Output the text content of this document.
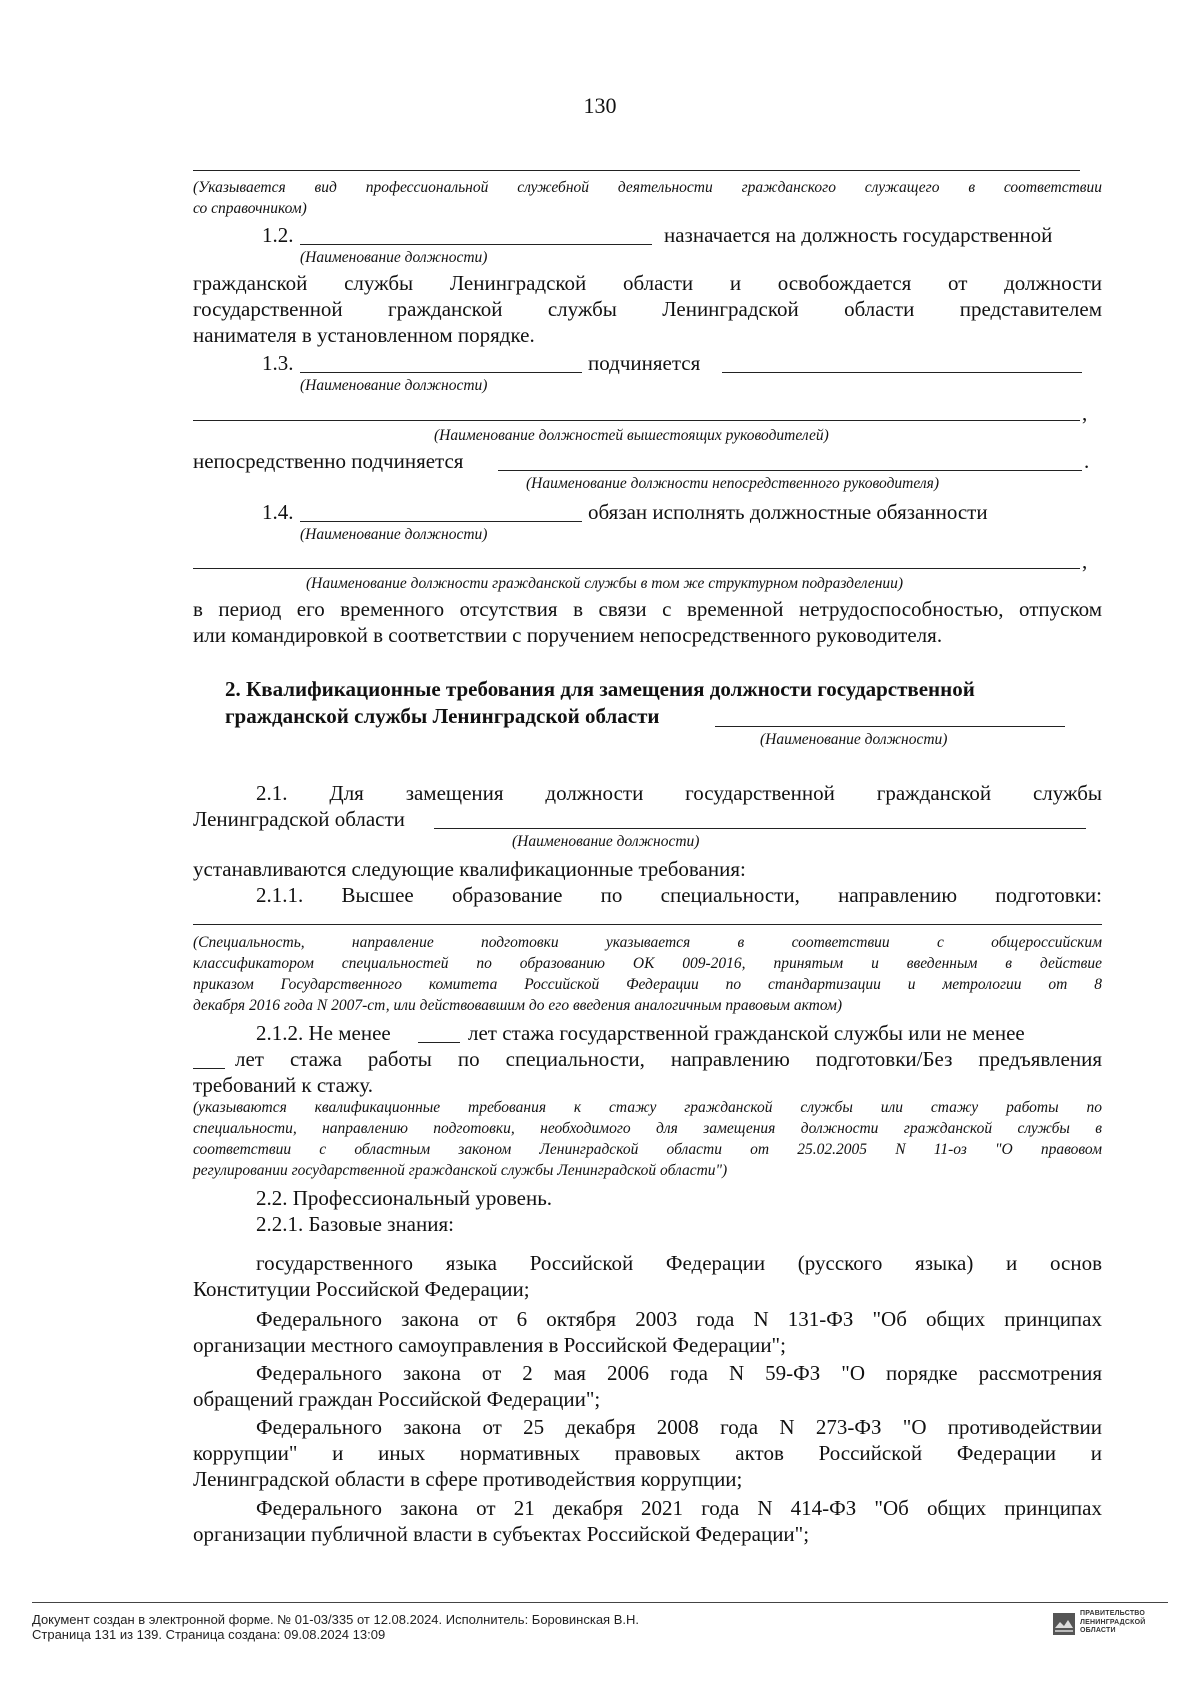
130
(Указывается вид профессиональной служебной деятельности гражданского служащего в соответствии
со справочником)
1.2.	назначается на должность государственной
(Наименование должности)
гражданской службы Ленинградской области и освобождается от должности
государственной гражданской службы Ленинградской области представителем
нанимателя в установленном порядке.
1.3.	подчиняется
(Наименование должности)
,
(Наименование должностей вышестоящих руководителей)
непосредственно подчиняется	.
(Наименование должности непосредственного руководителя)
1.4.	обязан исполнять должностные обязанности
(Наименование должности)
,
(Наименование должности гражданской службы в том же структурном подразделении)
в период его временного отсутствия в связи с временной нетрудоспособностью, отпуском
или командировкой в соответствии с поручением непосредственного руководителя.
2. Квалификационные требования для замещения должности государственной
гражданской службы Ленинградской области
(Наименование должности)
2.1. Для замещения должности государственной гражданской службы
Ленинградской области
(Наименование должности)
устанавливаются следующие квалификационные требования:
2.1.1. Высшее образование по специальности, направлению подготовки:
(Специальность, направление подготовки указывается в соответствии с общероссийским
классификатором специальностей по образованию ОК 009-2016, принятым и введенным в действие
приказом Государственного комитета Российской Федерации по стандартизации и метрологии от 8
декабря 2016 года N 2007-ст, или действовавшим до его введения аналогичным правовым актом)
2.1.2. Не менее	лет стажа государственной гражданской службы или не менее
лет стажа работы по специальности, направлению подготовки/Без предъявления
требований к стажу.
(указываются квалификационные требования к стажу гражданской службы или стажу работы по
специальности, направлению подготовки, необходимого для замещения должности гражданской службы в
соответствии с областным законом Ленинградской области от 25.02.2005 N 11-оз "О правовом
регулировании государственной гражданской службы Ленинградской области")
2.2. Профессиональный уровень.
2.2.1. Базовые знания:
государственного языка Российской Федерации (русского языка) и основ
Конституции Российской Федерации;
Федерального закона от 6 октября 2003 года N 131-ФЗ "Об общих принципах
организации местного самоуправления в Российской Федерации";
Федерального закона от 2 мая 2006 года N 59-ФЗ "О порядке рассмотрения
обращений граждан Российской Федерации";
Федерального закона от 25 декабря 2008 года N 273-ФЗ "О противодействии
коррупции" и иных нормативных правовых актов Российской Федерации и
Ленинградской области в сфере противодействия коррупции;
Федерального закона от 21 декабря 2021 года N 414-ФЗ "Об общих принципах
организации публичной власти в субъектах Российской Федерации";
Документ создан в электронной форме. № 01-03/335 от 12.08.2024. Исполнитель: Боровинская В.Н.
Страница 131 из 139. Страница создана: 09.08.2024 13:09
ПРАВИТЕЛЬСТВО
ЛЕНИНГРАДСКОЙ
ОБЛАСТИ
